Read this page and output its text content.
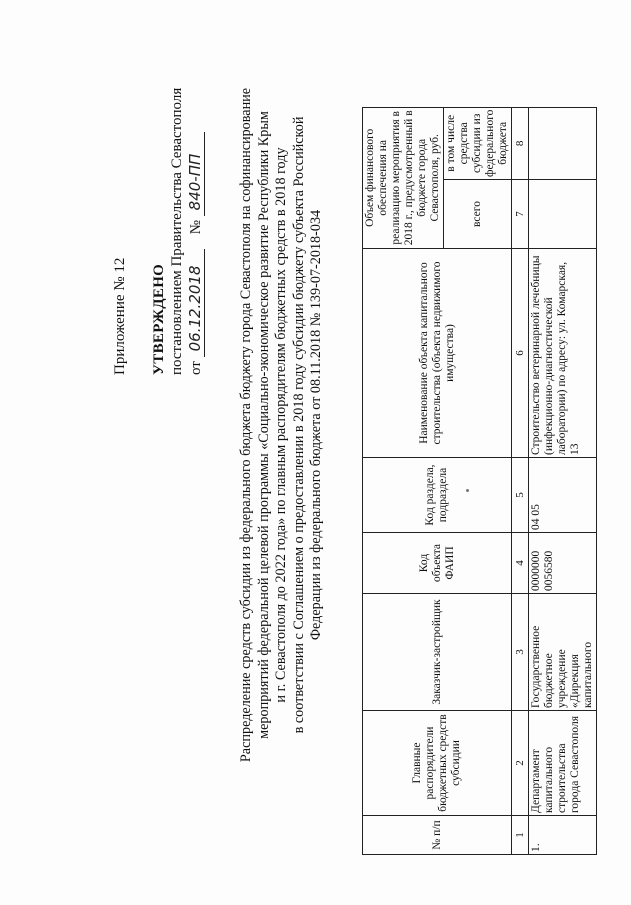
Приложение № 12 УТВЕРЖДЕНО постановлением Правительства Севастополя от 06.12.2018    № 840-ПП Распределение средств субсидии из федерального бюджета бюджету города Севастополя на софинансирование мероприятий федеральной целевой программы «Социально-экономическое развитие Республики Крым и г. Севастополя до 2022 года» по главным распорядителям бюджетных средств в 2018 году в соответствии с Соглашением о предоставлении в 2018 году субсидии бюджету субъекта Российской Федерации из федерального бюджета от 08.11.2018 № 139-07-2018-034
№ п/п	Главные распорядители бюджетных средств субсидии	Заказчик-застройщик	Код объекта ФАИП	Код раздела, подраздела	Наименование объекта капитального строительства (объекта недвижимого имущества)	Объем финансового обеспечения на реализацию мероприятия в 2018 г., предусмотренный в бюджете города Севастополя, руб.	
						всего	в том числе средства субсидии из федерального бюджета
1	2	3	4	5	6	7	8
1.	Департамент капитального строительства города Севастополя	Государственное бюджетное учреждение «Дирекция капитального	0000000 0056580	04 05	Строительство ветеринарной лечебницы (инфекционно-диагностической лаборатории) по адресу: ул. Комарская, 13		
